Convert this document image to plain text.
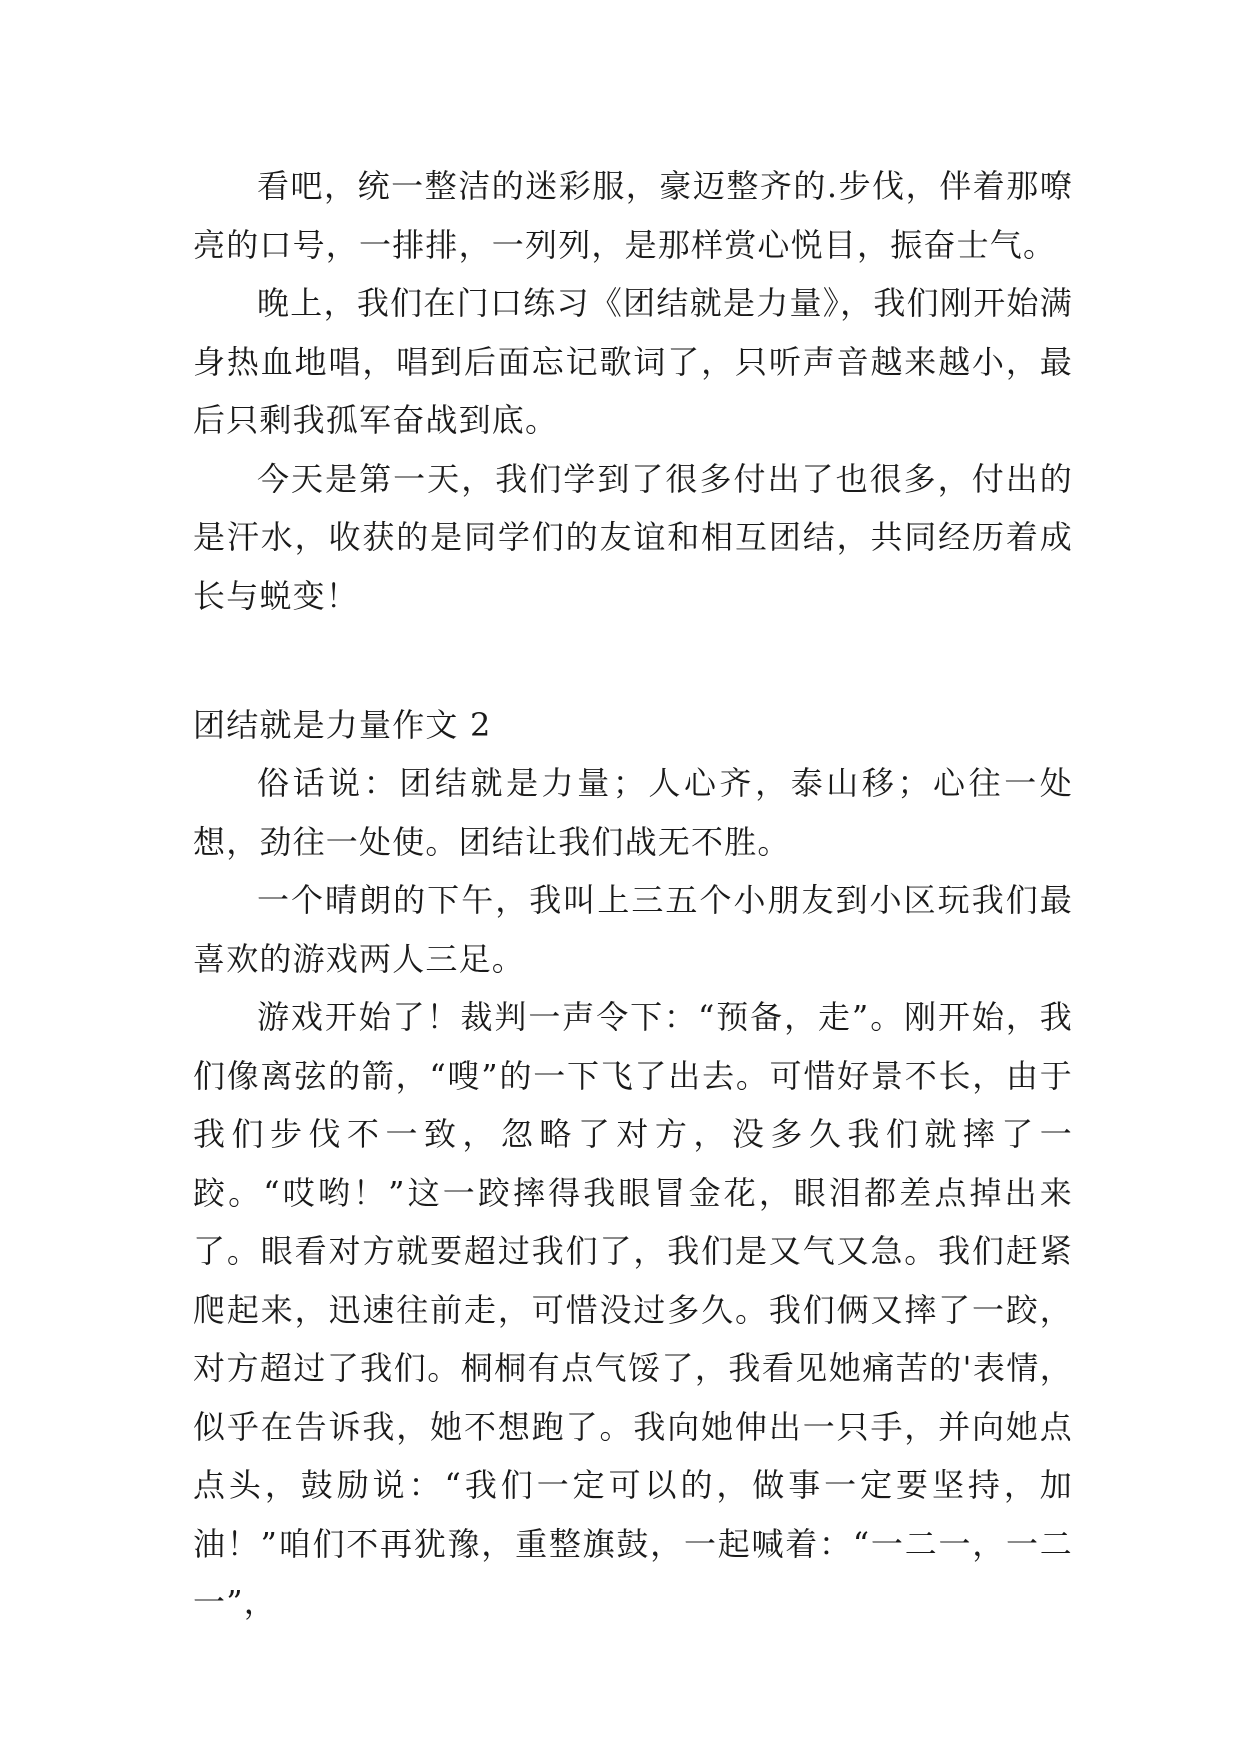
看吧，统一整洁的迷彩服，豪迈整齐的.步伐，伴着那嘹亮的口号，一排排，一列列，是那样赏心悦目，振奋士气。

晚上，我们在门口练习《团结就是力量》，我们刚开始满身热血地唱，唱到后面忘记歌词了，只听声音越来越小，最后只剩我孤军奋战到底。

今天是第一天，我们学到了很多付出了也很多，付出的是汗水，收获的是同学们的友谊和相互团结，共同经历着成长与蜕变！

团结就是力量作文 2

俗话说：团结就是力量；人心齐，泰山移；心往一处想，劲往一处使。团结让我们战无不胜。

一个晴朗的下午，我叫上三五个小朋友到小区玩我们最喜欢的游戏两人三足。

游戏开始了！裁判一声令下：“预备，走”。刚开始，我们像离弦的箭，“嗖”的一下飞了出去。可惜好景不长，由于我们步伐不一致，忽略了对方，没多久我们就摔了一跤。“哎哟！”这一跤摔得我眼冒金花，眼泪都差点掉出来了。眼看对方就要超过我们了，我们是又气又急。我们赶紧爬起来，迅速往前走，可惜没过多久。我们俩又摔了一跤，对方超过了我们。桐桐有点气馁了，我看见她痛苦的'表情，似乎在告诉我，她不想跑了。我向她伸出一只手，并向她点点头，鼓励说：“我们一定可以的，做事一定要坚持，加油！”咱们不再犹豫，重整旗鼓，一起喊着：“一二一，一二一”，
